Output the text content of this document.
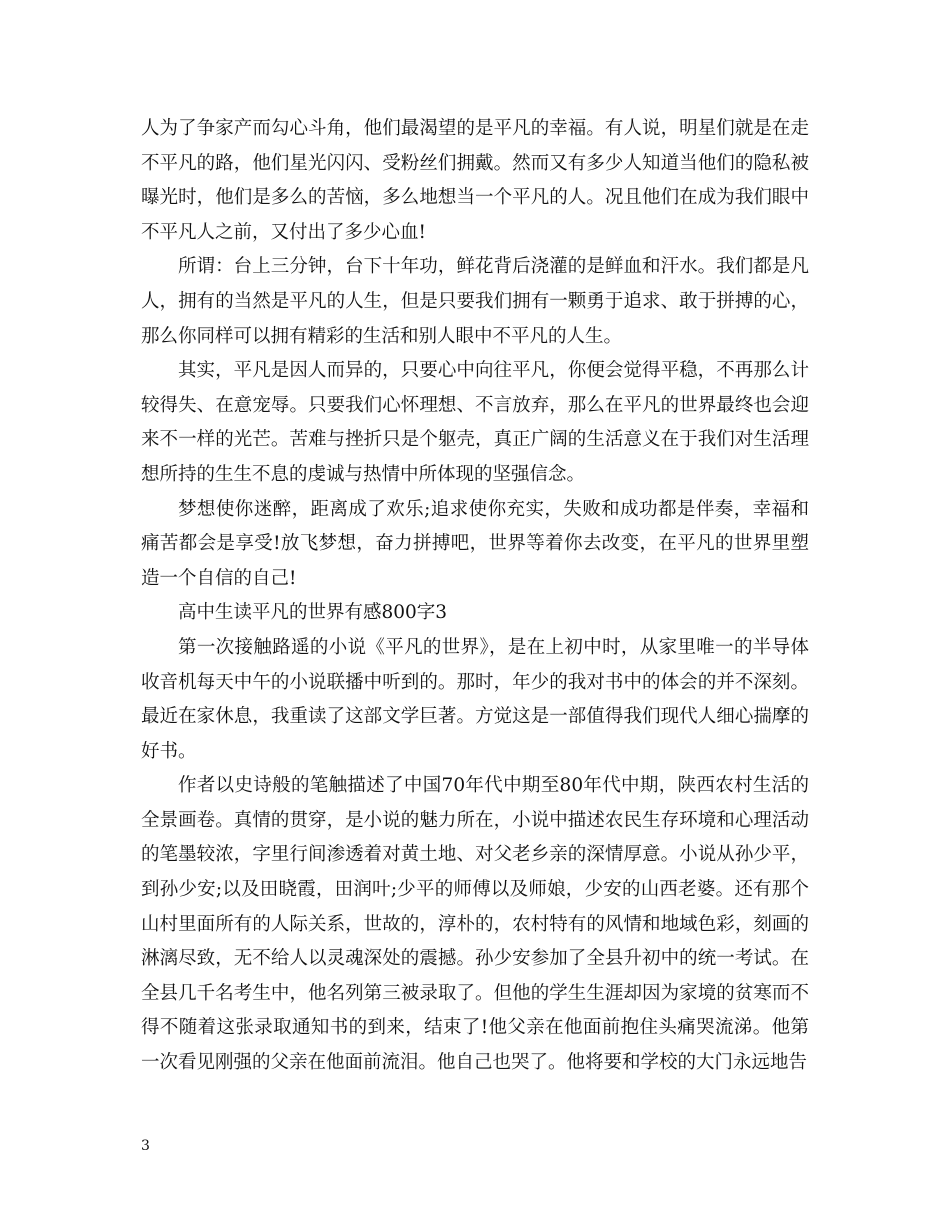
人为了争家产而勾心斗角，他们最渴望的是平凡的幸福。有人说，明星们就是在走不平凡的路，他们星光闪闪、受粉丝们拥戴。然而又有多少人知道当他们的隐私被曝光时，他们是多么的苦恼，多么地想当一个平凡的人。况且他们在成为我们眼中不平凡人之前，又付出了多少心血!

所谓：台上三分钟，台下十年功，鲜花背后浇灌的是鲜血和汗水。我们都是凡人，拥有的当然是平凡的人生，但是只要我们拥有一颗勇于追求、敢于拼搏的心，那么你同样可以拥有精彩的生活和别人眼中不平凡的人生。

其实，平凡是因人而异的，只要心中向往平凡，你便会觉得平稳，不再那么计较得失、在意宠辱。只要我们心怀理想、不言放弃，那么在平凡的世界最终也会迎来不一样的光芒。苦难与挫折只是个躯壳，真正广阔的生活意义在于我们对生活理想所持的生生不息的虔诚与热情中所体现的坚强信念。

梦想使你迷醉，距离成了欢乐;追求使你充实，失败和成功都是伴奏，幸福和痛苦都会是享受!放飞梦想，奋力拼搏吧，世界等着你去改变，在平凡的世界里塑造一个自信的自己!

高中生读平凡的世界有感800字3

第一次接触路遥的小说《平凡的世界》，是在上初中时，从家里唯一的半导体收音机每天中午的小说联播中听到的。那时，年少的我对书中的体会的并不深刻。最近在家休息，我重读了这部文学巨著。方觉这是一部值得我们现代人细心揣摩的好书。

作者以史诗般的笔触描述了中国70年代中期至80年代中期，陕西农村生活的全景画卷。真情的贯穿，是小说的魅力所在，小说中描述农民生存环境和心理活动的笔墨较浓，字里行间渗透着对黄土地、对父老乡亲的深情厚意。小说从孙少平，到孙少安;以及田晓霞，田润叶;少平的师傅以及师娘，少安的山西老婆。还有那个山村里面所有的人际关系，世故的，淳朴的，农村特有的风情和地域色彩，刻画的淋漓尽致，无不给人以灵魂深处的震撼。孙少安参加了全县升初中的统一考试。在全县几千名考生中，他名列第三被录取了。但他的学生生涯却因为家境的贫寒而不得不随着这张录取通知书的到来，结束了!他父亲在他面前抱住头痛哭流涕。他第一次看见刚强的父亲在他面前流泪。他自己也哭了。他将要和学校的大门永远地告

3
